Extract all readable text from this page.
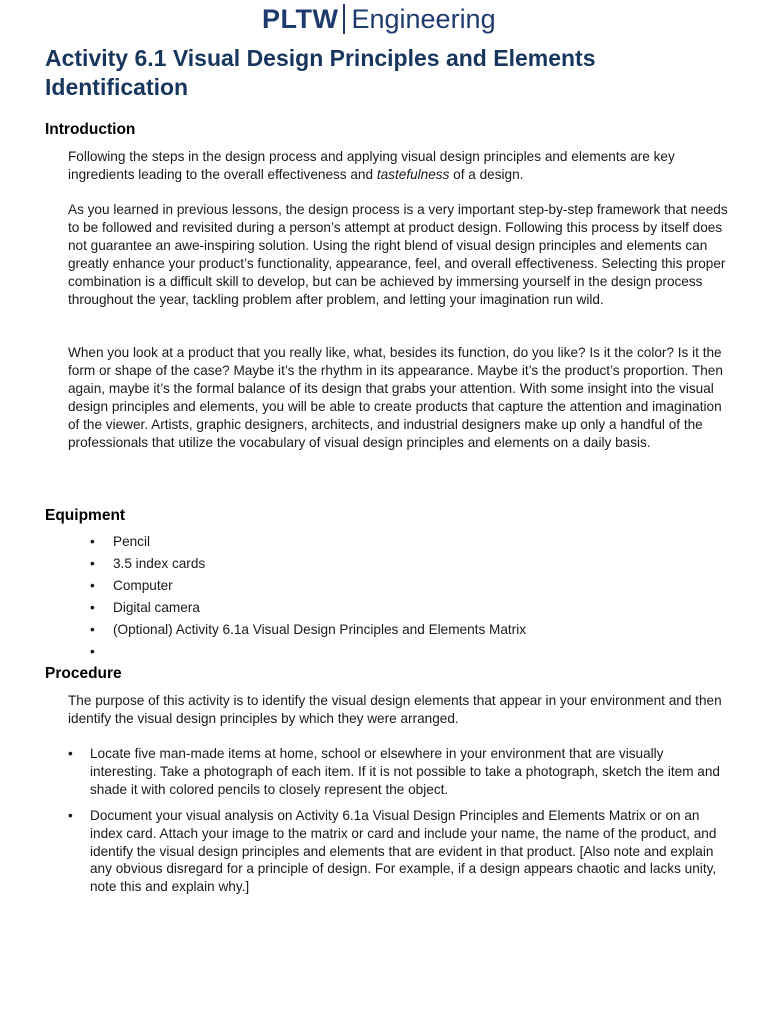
PLTW Engineering
Activity 6.1 Visual Design Principles and Elements Identification
Introduction

Following the steps in the design process and applying visual design principles and elements are key ingredients leading to the overall effectiveness and tastefulness of a design.

As you learned in previous lessons, the design process is a very important step-by-step framework that needs to be followed and revisited during a person’s attempt at product design. Following this process by itself does not guarantee an awe-inspiring solution. Using the right blend of visual design principles and elements can greatly enhance your product’s functionality, appearance, feel, and overall effectiveness. Selecting this proper combination is a difficult skill to develop, but can be achieved by immersing yourself in the design process throughout the year, tackling problem after problem, and letting your imagination run wild.

When you look at a product that you really like, what, besides its function, do you like? Is it the color? Is it the form or shape of the case? Maybe it’s the rhythm in its appearance. Maybe it’s the product’s proportion. Then again, maybe it’s the formal balance of its design that grabs your attention. With some insight into the visual design principles and elements, you will be able to create products that capture the attention and imagination of the viewer. Artists, graphic designers, architects, and industrial designers make up only a handful of the professionals that utilize the vocabulary of visual design principles and elements on a daily basis.

Equipment
• Pencil
• 3.5 index cards
• Computer
• Digital camera
• (Optional) Activity 6.1a Visual Design Principles and Elements Matrix
•
Procedure

The purpose of this activity is to identify the visual design elements that appear in your environment and then identify the visual design principles by which they were arranged.

• Locate five man-made items at home, school or elsewhere in your environment that are visually interesting. Take a photograph of each item. If it is not possible to take a photograph, sketch the item and shade it with colored pencils to closely represent the object.
• Document your visual analysis on Activity 6.1a Visual Design Principles and Elements Matrix or on an index card. Attach your image to the matrix or card and include your name, the name of the product, and identify the visual design principles and elements that are evident in that product. [Also note and explain any obvious disregard for a principle of design. For example, if a design appears chaotic and lacks unity, note this and explain why.]
